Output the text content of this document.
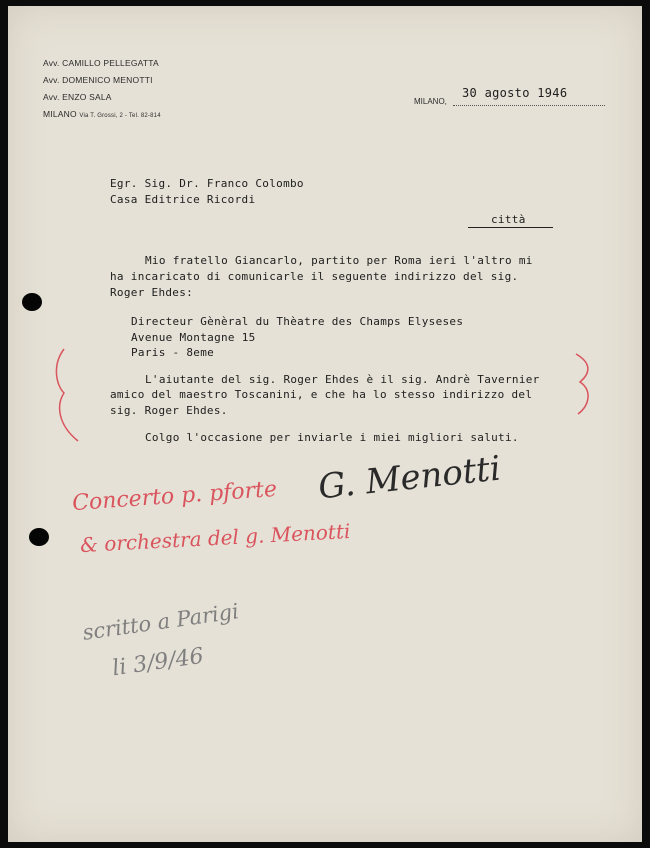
Avv. CAMILLO PELLEGATTA
Avv. DOMENICO MENOTTI
Avv. ENZO SALA
MILANO Via T. Grossi, 2 - Tel. 82-814
MILANO,
30 agosto 1946
Egr. Sig. Dr. Franco Colombo
Casa Editrice Ricordi
città
Mio fratello Giancarlo, partito per Roma ieri l'altro mi
ha incaricato di comunicarle il seguente indirizzo del sig.
Roger Ehdes:
Directeur Gènèral du Thèatre des Champs Elyseses
Avenue Montagne 15
Paris - 8eme
L'aiutante del sig. Roger Ehdes è il sig. Andrè Tavernier
amico del maestro Toscanini, e che ha lo stesso indirizzo del
sig. Roger Ehdes.
Colgo l'occasione per inviarle i miei migliori saluti.
G. Menotti
Concerto p. pforte
& orchestra del g. Menotti
scritto a Parigi
li 3/9/46
